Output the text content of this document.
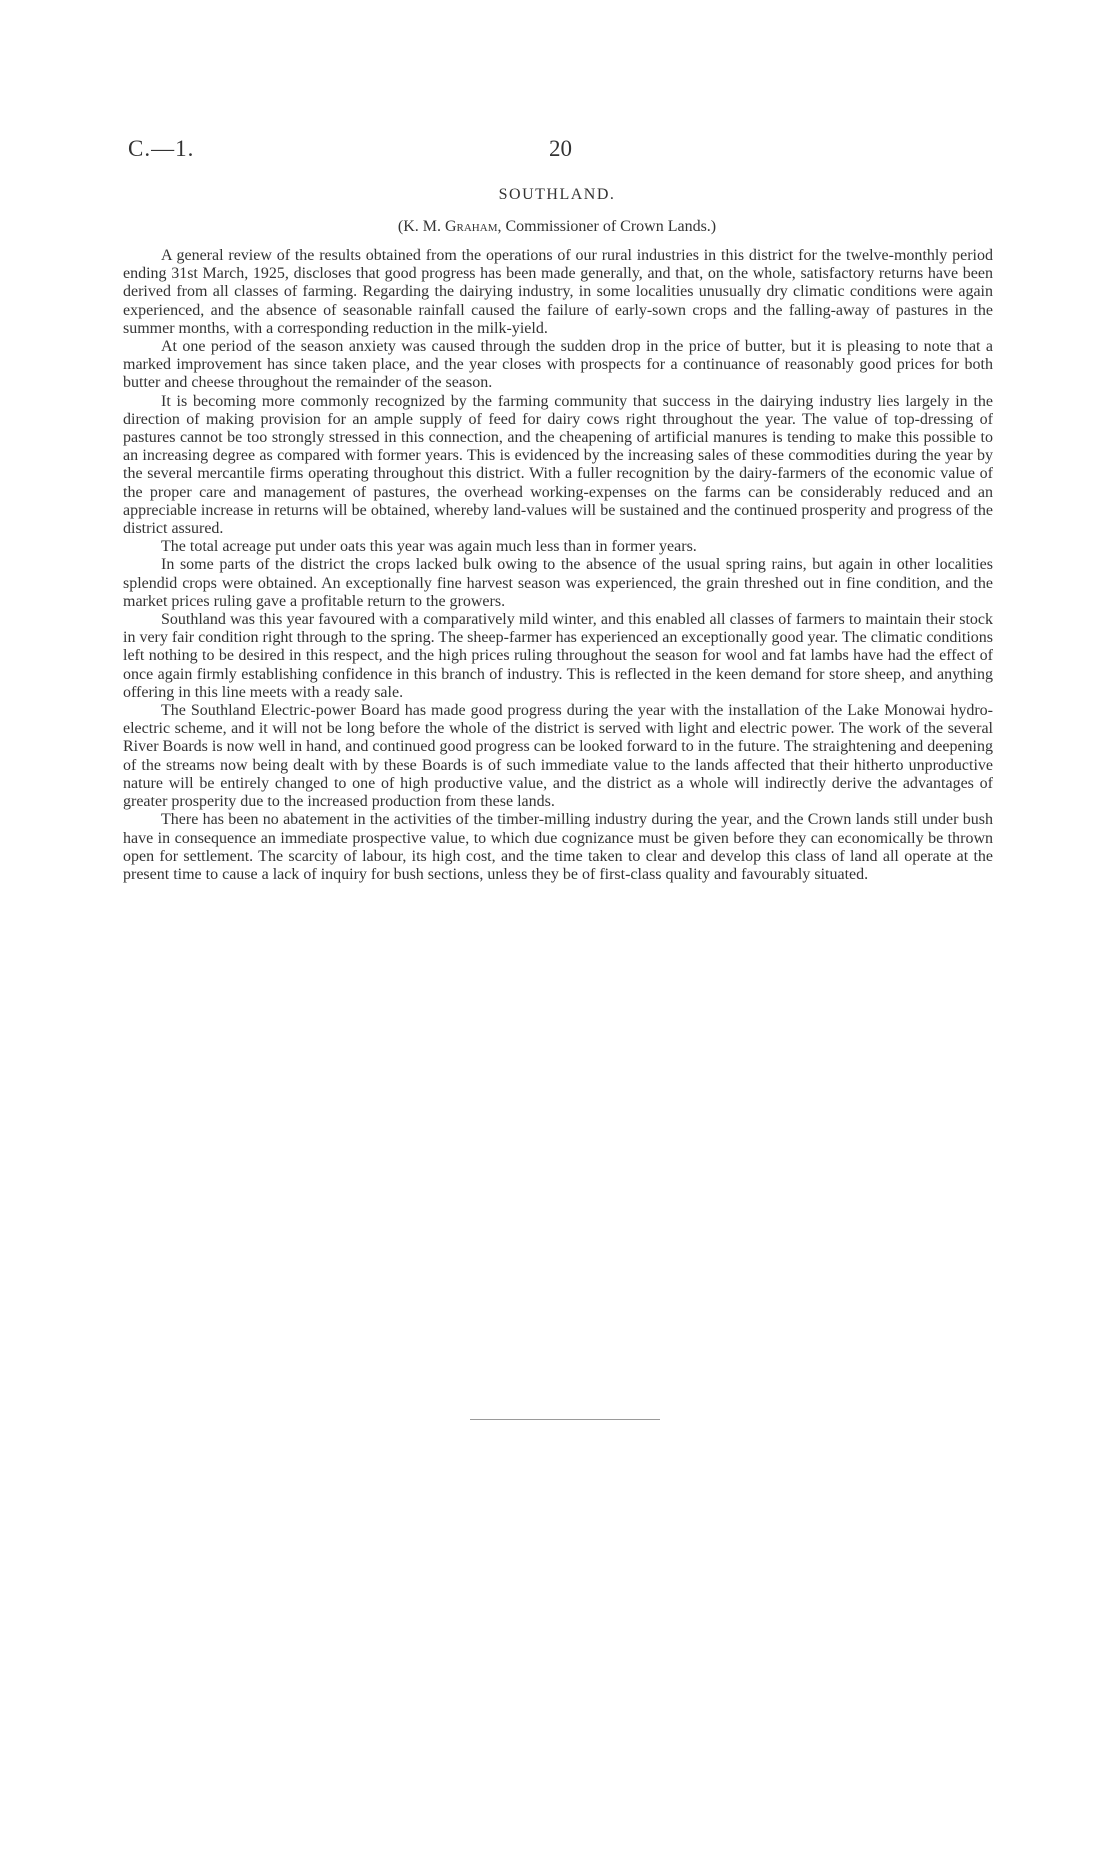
C.—1.	20
SOUTHLAND.
(K. M. Graham, Commissioner of Crown Lands.)

A general review of the results obtained from the operations of our rural industries in this district for the twelve-monthly period ending 31st March, 1925, discloses that good progress has been made generally, and that, on the whole, satisfactory returns have been derived from all classes of farming. Regarding the dairying industry, in some localities unusually dry climatic conditions were again experienced, and the absence of seasonable rainfall caused the failure of early-sown crops and the falling-away of pastures in the summer months, with a corresponding reduction in the milk-yield.

At one period of the season anxiety was caused through the sudden drop in the price of butter, but it is pleasing to note that a marked improvement has since taken place, and the year closes with prospects for a continuance of reasonably good prices for both butter and cheese throughout the remainder of the season.

It is becoming more commonly recognized by the farming community that success in the dairying industry lies largely in the direction of making provision for an ample supply of feed for dairy cows right throughout the year. The value of top-dressing of pastures cannot be too strongly stressed in this connection, and the cheapening of artificial manures is tending to make this possible to an increasing degree as compared with former years. This is evidenced by the increasing sales of these commodities during the year by the several mercantile firms operating throughout this district. With a fuller recognition by the dairy-farmers of the economic value of the proper care and management of pastures, the overhead working-expenses on the farms can be considerably reduced and an appreciable increase in returns will be obtained, whereby land-values will be sustained and the continued prosperity and progress of the district assured.

The total acreage put under oats this year was again much less than in former years.

In some parts of the district the crops lacked bulk owing to the absence of the usual spring rains, but again in other localities splendid crops were obtained. An exceptionally fine harvest season was experienced, the grain threshed out in fine condition, and the market prices ruling gave a profitable return to the growers.

Southland was this year favoured with a comparatively mild winter, and this enabled all classes of farmers to maintain their stock in very fair condition right through to the spring. The sheep-farmer has experienced an exceptionally good year. The climatic conditions left nothing to be desired in this respect, and the high prices ruling throughout the season for wool and fat lambs have had the effect of once again firmly establishing confidence in this branch of industry. This is reflected in the keen demand for store sheep, and anything offering in this line meets with a ready sale.

The Southland Electric-power Board has made good progress during the year with the installation of the Lake Monowai hydro-electric scheme, and it will not be long before the whole of the district is served with light and electric power. The work of the several River Boards is now well in hand, and continued good progress can be looked forward to in the future. The straightening and deepening of the streams now being dealt with by these Boards is of such immediate value to the lands affected that their hitherto unproductive nature will be entirely changed to one of high productive value, and the district as a whole will indirectly derive the advantages of greater prosperity due to the increased production from these lands.

There has been no abatement in the activities of the timber-milling industry during the year, and the Crown lands still under bush have in consequence an immediate prospective value, to which due cognizance must be given before they can economically be thrown open for settlement. The scarcity of labour, its high cost, and the time taken to clear and develop this class of land all operate at the present time to cause a lack of inquiry for bush sections, unless they be of first-class quality and favourably situated.
